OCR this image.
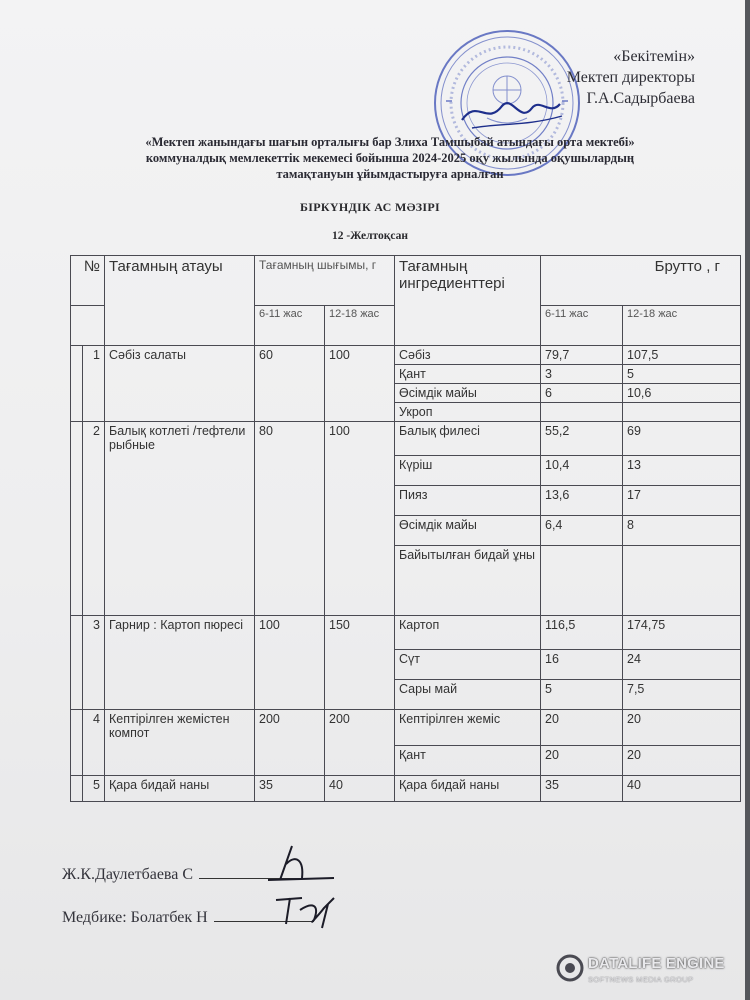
«Бекітемін»
Мектеп директоры
Г.А.Садырбаева
«Мектеп жанындағы шағын орталығы бар Злиха Тамшыбай атындағы орта мектебі»
коммуналдық мемлекеттік мекемесі бойынша 2024-2025 оқу жылында оқушылардың
тамақтануын ұйымдастыруға арналған
БІРКҮНДІК АС МӘЗІРІ
12 -Желтоқсан
№		Тағамның атауы	Тағамның шығымы, г		Тағамның ингредиенттері	Брутто , г	
			6-11 жас	12-18 жас		6-11 жас	12-18 жас
	1	Сәбіз салаты	60	100	Сәбіз	79,7	107,5
					Қант	3	5
					Өсімдік майы	6	10,6
					Укроп		
	2	Балық котлеті /тефтели рыбные	80	100	Балық филесі	55,2	69
					Күріш	10,4	13
					Пияз	13,6	17
					Өсімдік майы	6,4	8
					Байытылған бидай ұны		
	3	Гарнир : Картоп пюресі	100	150	Картоп	116,5	174,75
					Сүт	16	24
					Сары май	5	7,5
	4	Кептірілген жемістен компот	200	200	Кептірілген жеміс	20	20
					Қант	20	20
	5	Қара бидай наны	35	40	Қара бидай наны	35	40
Ж.К.Даулетбаева С
Медбике: Болатбек Н
DATALIFE ENGINE
SOFTNEWS MEDIA GROUP
